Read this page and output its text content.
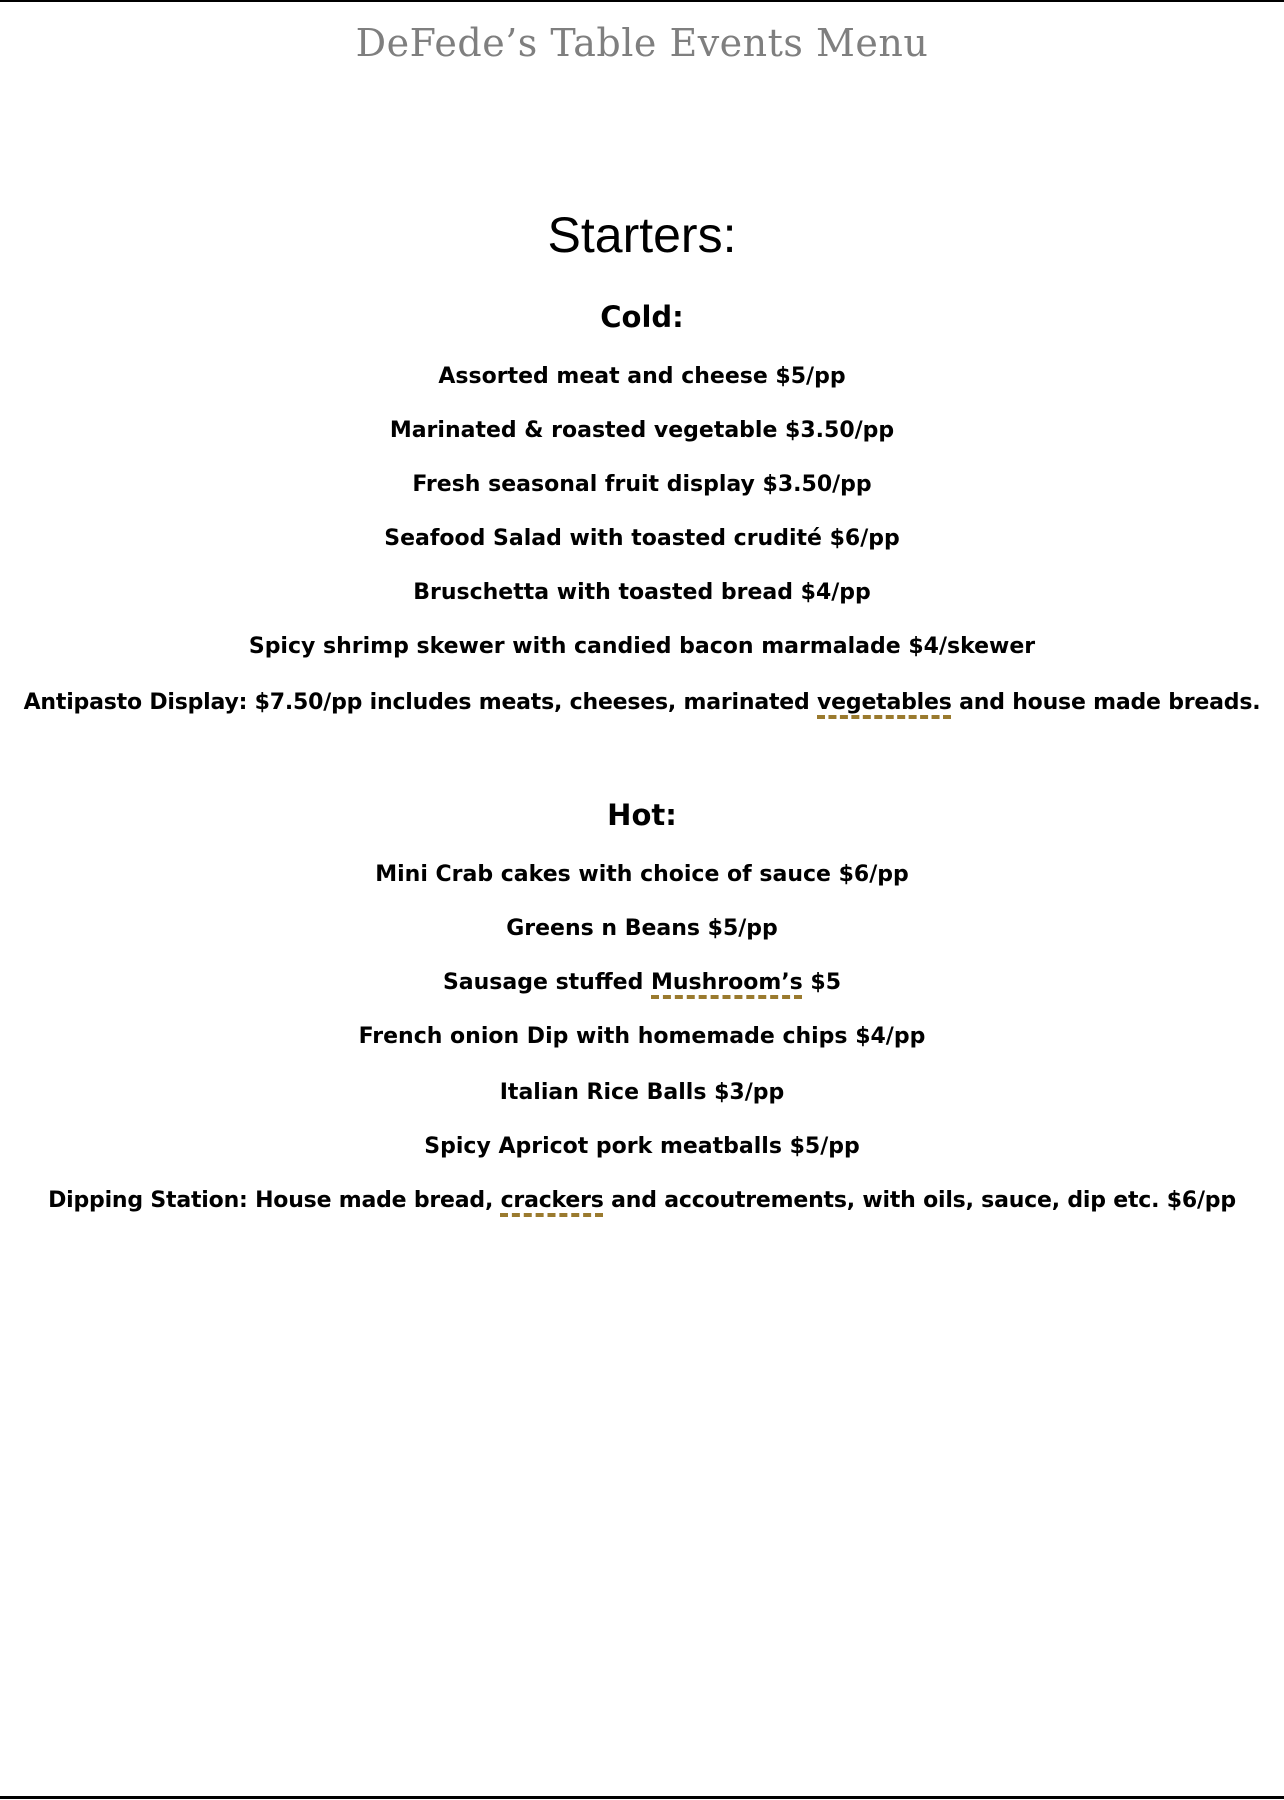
DeFede’s Table Events Menu
Starters:
Cold:
Assorted meat and cheese $5/pp
Marinated & roasted vegetable $3.50/pp
Fresh seasonal fruit display $3.50/pp
Seafood Salad with toasted crudité $6/pp
Bruschetta with toasted bread $4/pp
Spicy shrimp skewer with candied bacon marmalade $4/skewer
Antipasto Display: $7.50/pp includes meats, cheeses, marinated vegetables and house made breads.
Hot:
Mini Crab cakes with choice of sauce $6/pp
Greens n Beans $5/pp
Sausage stuffed Mushroom’s $5
French onion Dip with homemade chips $4/pp
Italian Rice Balls $3/pp
Spicy Apricot pork meatballs $5/pp
Dipping Station: House made bread, crackers and accoutrements, with oils, sauce, dip etc. $6/pp
